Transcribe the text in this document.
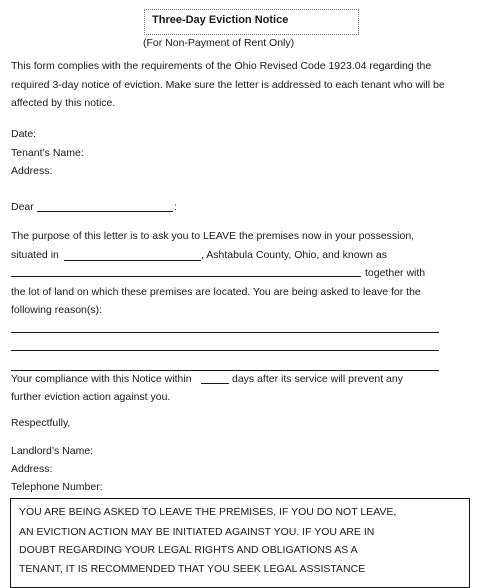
Three-Day Eviction Notice
(For Non-Payment of Rent Only)
This form complies with the requirements of the Ohio Revised Code 1923.04 regarding the
required 3-day notice of eviction. Make sure the letter is addressed to each tenant who will be
affected by this notice.
Date:
Tenant’s Name:
Address:
Dear	:
The purpose of this letter is to ask you to LEAVE the premises now in your possession,
situated in	, Ashtabula County, Ohio, and known as
together with
the lot of land on which these premises are located. You are being asked to leave for the
following reason(s):
Your compliance with this Notice within	days after its service will prevent any
further eviction action against you.
Respectfully,
Landlord’s Name:
Address:
Telephone Number:
YOU ARE BEING ASKED TO LEAVE THE PREMISES, IF YOU DO NOT LEAVE,
AN EVICTION ACTION MAY BE INITIATED AGAINST YOU. IF YOU ARE IN
DOUBT REGARDING YOUR LEGAL RIGHTS AND OBLIGATIONS AS A
TENANT, IT IS RECOMMENDED THAT YOU SEEK LEGAL ASSISTANCE
